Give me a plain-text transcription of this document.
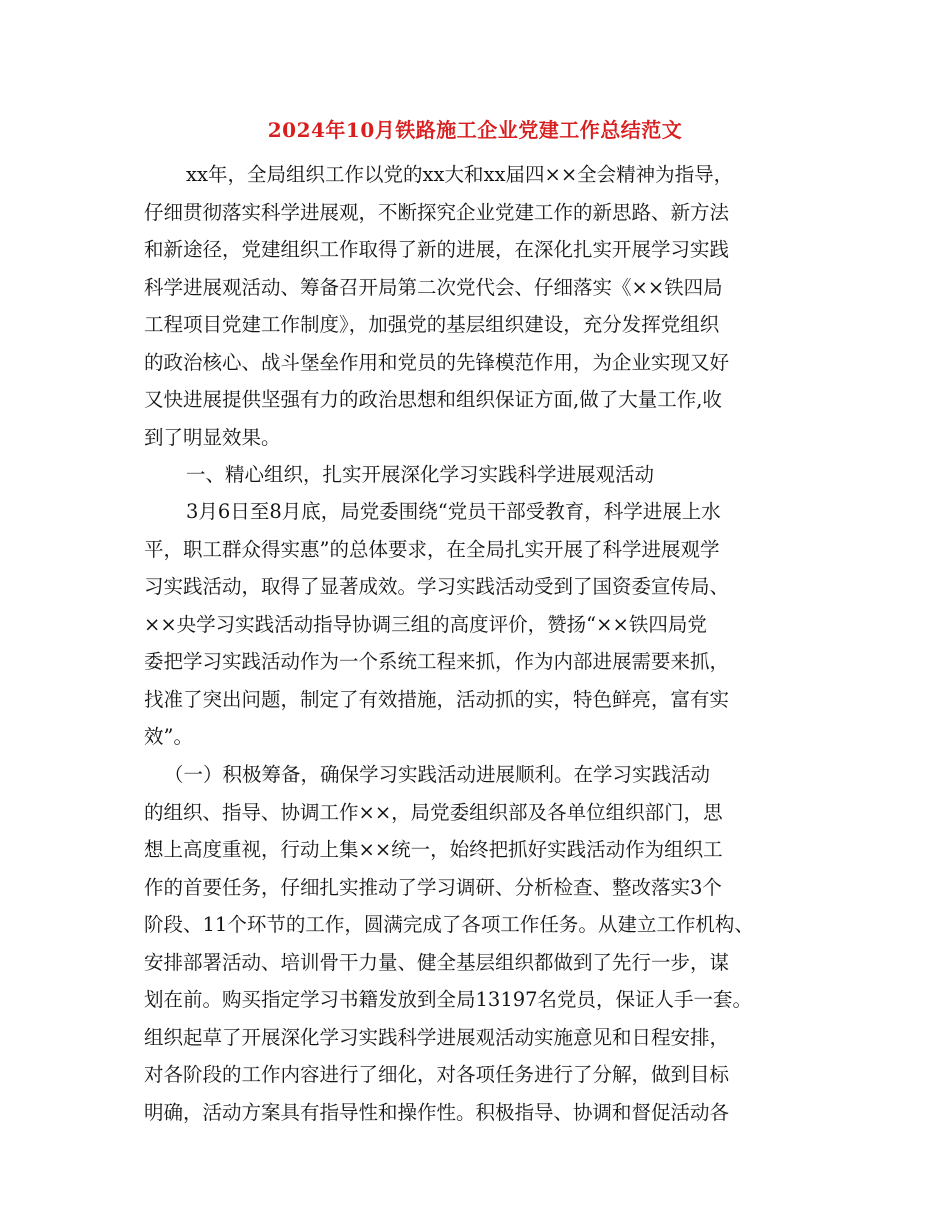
2024年10月铁路施工企业党建工作总结范文
xx年，全局组织工作以党的xx大和xx届四××全会精神为指导，
仔细贯彻落实科学进展观，不断探究企业党建工作的新思路、新方法
和新途径，党建组织工作取得了新的进展，在深化扎实开展学习实践
科学进展观活动、筹备召开局第二次党代会、仔细落实《××铁四局
工程项目党建工作制度》，加强党的基层组织建设，充分发挥党组织
的政治核心、战斗堡垒作用和党员的先锋模范作用，为企业实现又好
又快进展提供坚强有力的政治思想和组织保证方面,做了大量工作,收
到了明显效果。
一、精心组织，扎实开展深化学习实践科学进展观活动
3月6日至8月底，局党委围绕“党员干部受教育，科学进展上水
平，职工群众得实惠”的总体要求，在全局扎实开展了科学进展观学
习实践活动，取得了显著成效。学习实践活动受到了国资委宣传局、
××央学习实践活动指导协调三组的高度评价，赞扬“××铁四局党
委把学习实践活动作为一个系统工程来抓，作为内部进展需要来抓，
找准了突出问题，制定了有效措施，活动抓的实，特色鲜亮，富有实
效”。
（一）积极筹备，确保学习实践活动进展顺利。在学习实践活动
的组织、指导、协调工作××，局党委组织部及各单位组织部门，思
想上高度重视，行动上集××统一，始终把抓好实践活动作为组织工
作的首要任务，仔细扎实推动了学习调研、分析检查、整改落实3个
阶段、11个环节的工作，圆满完成了各项工作任务。从建立工作机构、
安排部署活动、培训骨干力量、健全基层组织都做到了先行一步，谋
划在前。购买指定学习书籍发放到全局13197名党员，保证人手一套。
组织起草了开展深化学习实践科学进展观活动实施意见和日程安排，
对各阶段的工作内容进行了细化，对各项任务进行了分解，做到目标
明确，活动方案具有指导性和操作性。积极指导、协调和督促活动各
